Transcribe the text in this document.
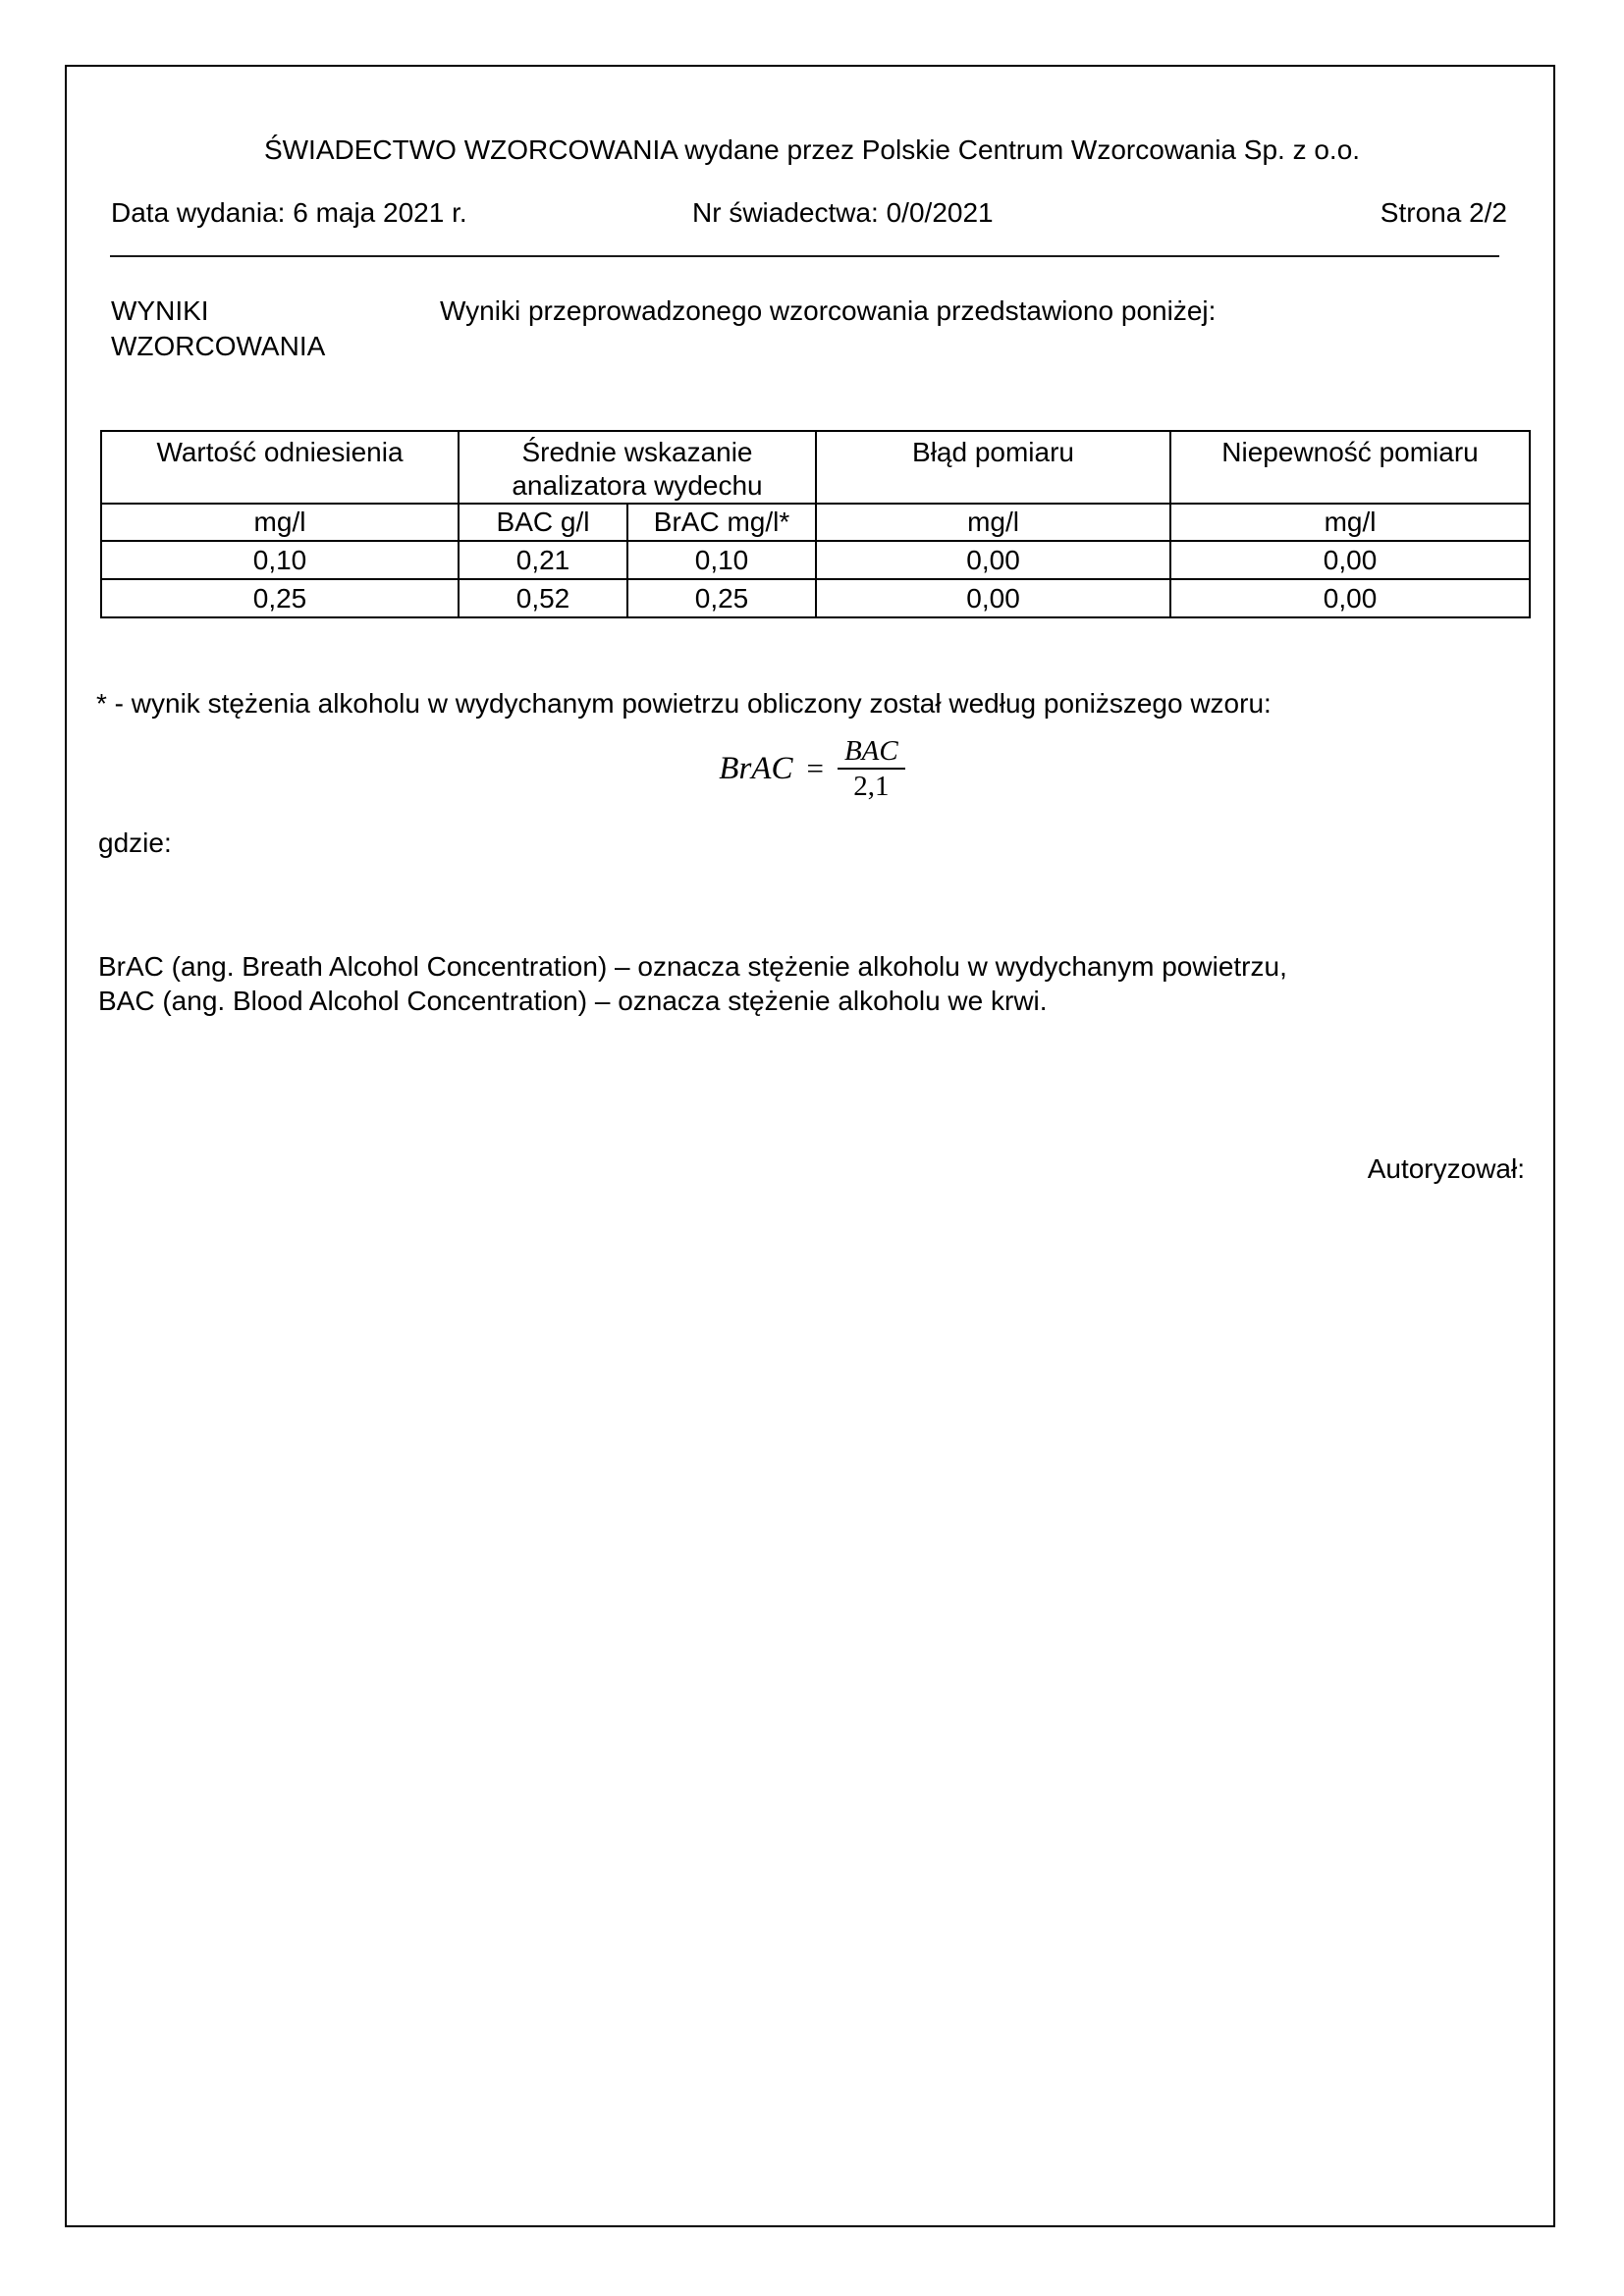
ŚWIADECTWO WZORCOWANIA wydane przez Polskie Centrum Wzorcowania Sp. z o.o.
Data wydania: 6 maja 2021 r.	Nr świadectwa: 0/0/2021	Strona 2/2
WYNIKI
WZORCOWANIA
Wyniki przeprowadzonego wzorcowania przedstawiono poniżej:
Wartość odniesienia	Średnie wskazanie analizatora wydechu		Błąd pomiaru	Niepewność pomiaru
mg/l	BAC g/l	BrAC mg/l*	mg/l	mg/l
0,10	0,21	0,10	0,00	0,00
0,25	0,52	0,25	0,00	0,00
* - wynik stężenia alkoholu w wydychanym powietrzu obliczony został według poniższego wzoru:
BrAC = $\frac{\text{BAC}}{2,1}$
gdzie:
BrAC (ang. Breath Alcohol Concentration) – oznacza stężenie alkoholu w wydychanym powietrzu,
BAC (ang. Blood Alcohol Concentration) – oznacza stężenie alkoholu we krwi.
Autoryzował:
